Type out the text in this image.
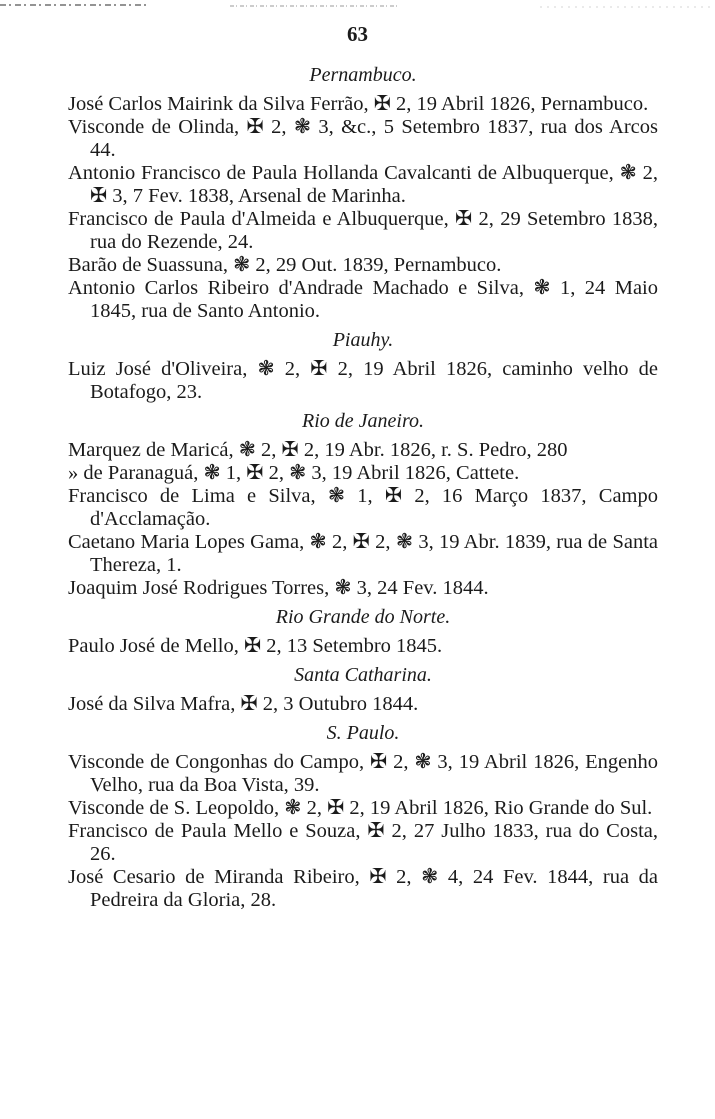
63
Pernambuco.

José Carlos Mairink da Silva Ferrão, ✠ 2, 19 Abril 1826, Pernambuco.

Visconde de Olinda, ✠ 2, ❃ 3, &c., 5 Setembro 1837, rua dos Arcos 44.

Antonio Francisco de Paula Hollanda Cavalcanti de Albuquerque, ❃ 2, ✠ 3, 7 Fev. 1838, Arsenal de Marinha.

Francisco de Paula d'Almeida e Albuquerque, ✠ 2, 29 Setembro 1838, rua do Rezende, 24.

Barão de Suassuna, ❃ 2, 29 Out. 1839, Pernambuco.

Antonio Carlos Ribeiro d'Andrade Machado e Silva, ❃ 1, 24 Maio 1845, rua de Santo Antonio.

Piauhy.

Luiz José d'Oliveira, ❃ 2, ✠ 2, 19 Abril 1826, caminho velho de Botafogo, 23.

Rio de Janeiro.

Marquez de Maricá, ❃ 2, ✠ 2, 19 Abr. 1826, r. S. Pedro, 280

» de Paranaguá, ❃ 1, ✠ 2, ❃ 3, 19 Abril 1826, Cattete.

Francisco de Lima e Silva, ❃ 1, ✠ 2, 16 Março 1837, Campo d'Acclamação.

Caetano Maria Lopes Gama, ❃ 2, ✠ 2, ❃ 3, 19 Abr. 1839, rua de Santa Thereza, 1.

Joaquim José Rodrigues Torres, ❃ 3, 24 Fev. 1844.

Rio Grande do Norte.

Paulo José de Mello, ✠ 2, 13 Setembro 1845.

Santa Catharina.

José da Silva Mafra, ✠ 2, 3 Outubro 1844.

S. Paulo.

Visconde de Congonhas do Campo, ✠ 2, ❃ 3, 19 Abril 1826, Engenho Velho, rua da Boa Vista, 39.

Visconde de S. Leopoldo, ❃ 2, ✠ 2, 19 Abril 1826, Rio Grande do Sul.

Francisco de Paula Mello e Souza, ✠ 2, 27 Julho 1833, rua do Costa, 26.

José Cesario de Miranda Ribeiro, ✠ 2, ❃ 4, 24 Fev. 1844, rua da Pedreira da Gloria, 28.
